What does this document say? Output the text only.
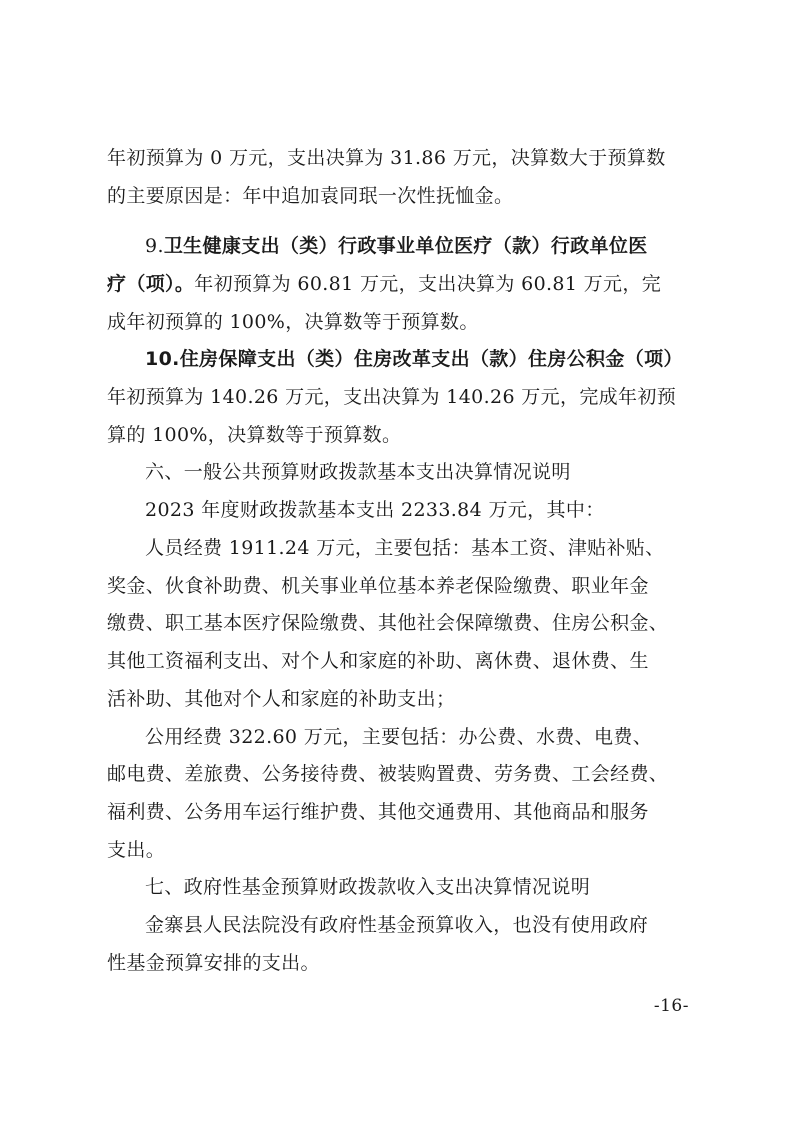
年初预算为 0 万元，支出决算为 31.86 万元，决算数大于预算数
的主要原因是：年中追加袁同珉一次性抚恤金。
9.卫生健康支出（类）行政事业单位医疗（款）行政单位医
疗（项）。年初预算为 60.81 万元，支出决算为 60.81 万元，完
成年初预算的 100%，决算数等于预算数。
10.住房保障支出（类）住房改革支出（款）住房公积金（项）
年初预算为 140.26 万元，支出决算为 140.26 万元，完成年初预
算的 100%，决算数等于预算数。
六、一般公共预算财政拨款基本支出决算情况说明
2023 年度财政拨款基本支出 2233.84 万元，其中：
人员经费 1911.24 万元，主要包括：基本工资、津贴补贴、
奖金、伙食补助费、机关事业单位基本养老保险缴费、职业年金
缴费、职工基本医疗保险缴费、其他社会保障缴费、住房公积金、
其他工资福利支出、对个人和家庭的补助、离休费、退休费、生
活补助、其他对个人和家庭的补助支出；
公用经费 322.60 万元，主要包括：办公费、水费、电费、
邮电费、差旅费、公务接待费、被装购置费、劳务费、工会经费、
福利费、公务用车运行维护费、其他交通费用、其他商品和服务
支出。
七、政府性基金预算财政拨款收入支出决算情况说明
金寨县人民法院没有政府性基金预算收入，也没有使用政府
性基金预算安排的支出。
-16-
